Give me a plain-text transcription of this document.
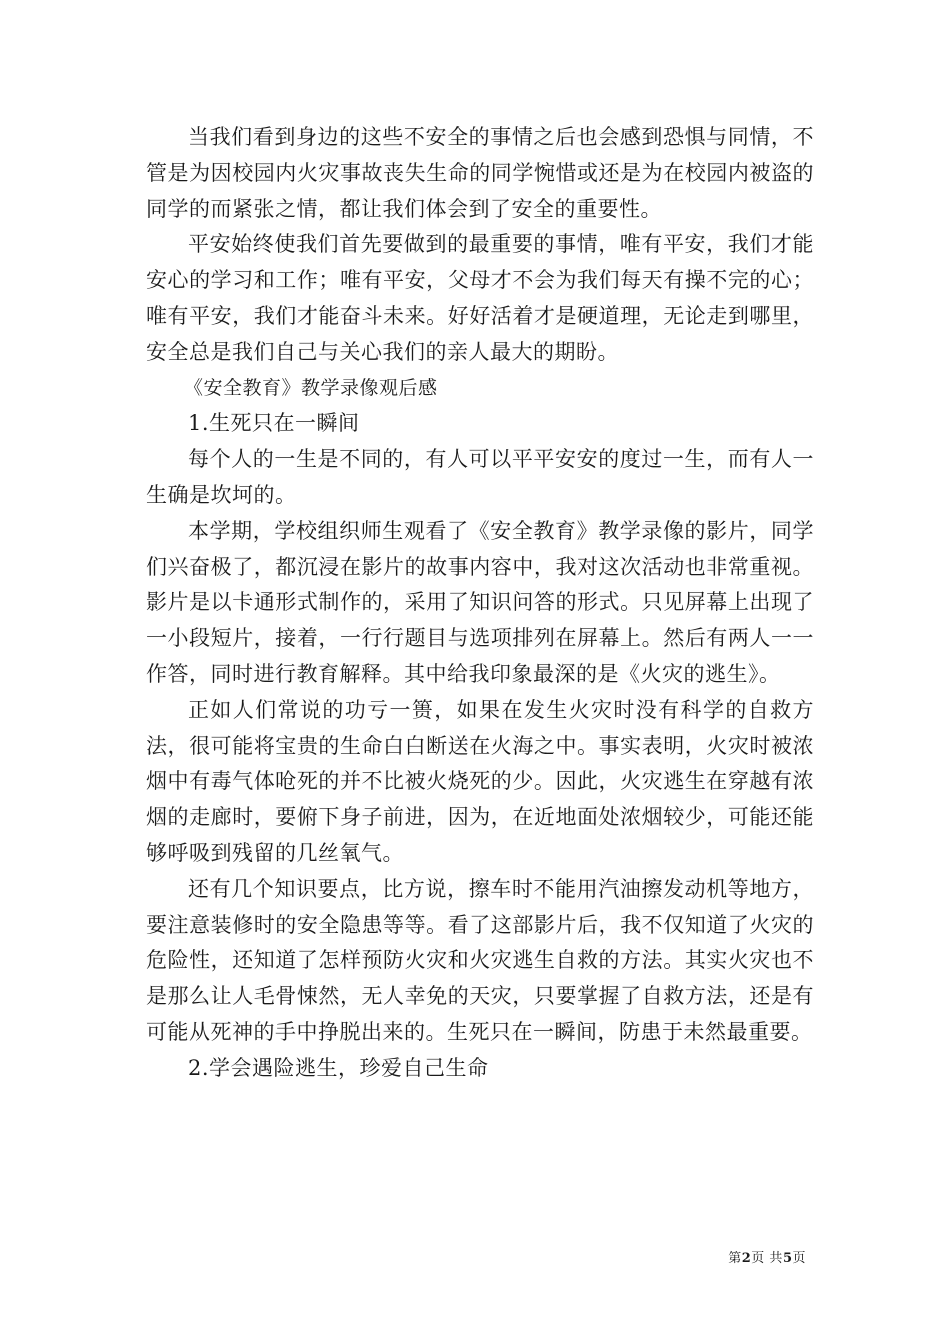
当我们看到身边的这些不安全的事情之后也会感到恐惧与同情，不管是为因校园内火灾事故丧失生命的同学惋惜或还是为在校园内被盗的同学的而紧张之情，都让我们体会到了安全的重要性。

平安始终使我们首先要做到的最重要的事情，唯有平安，我们才能安心的学习和工作；唯有平安，父母才不会为我们每天有操不完的心；唯有平安，我们才能奋斗未来。好好活着才是硬道理，无论走到哪里，安全总是我们自己与关心我们的亲人最大的期盼。

《安全教育》教学录像观后感

1.生死只在一瞬间

每个人的一生是不同的，有人可以平平安安的度过一生，而有人一生确是坎坷的。

本学期，学校组织师生观看了《安全教育》教学录像的影片，同学们兴奋极了，都沉浸在影片的故事内容中，我对这次活动也非常重视。影片是以卡通形式制作的，采用了知识问答的形式。只见屏幕上出现了一小段短片，接着，一行行题目与选项排列在屏幕上。然后有两人一一作答，同时进行教育解释。其中给我印象最深的是《火灾的逃生》。

正如人们常说的功亏一篑，如果在发生火灾时没有科学的自救方法，很可能将宝贵的生命白白断送在火海之中。事实表明，火灾时被浓烟中有毒气体呛死的并不比被火烧死的少。因此，火灾逃生在穿越有浓烟的走廊时，要俯下身子前进，因为，在近地面处浓烟较少，可能还能够呼吸到残留的几丝氧气。

还有几个知识要点，比方说，擦车时不能用汽油擦发动机等地方，要注意装修时的安全隐患等等。看了这部影片后，我不仅知道了火灾的危险性，还知道了怎样预防火灾和火灾逃生自救的方法。其实火灾也不是那么让人毛骨悚然，无人幸免的天灾，只要掌握了自救方法，还是有可能从死神的手中挣脱出来的。生死只在一瞬间，防患于未然最重要。

2.学会遇险逃生，珍爱自己生命

第2页 共5页
